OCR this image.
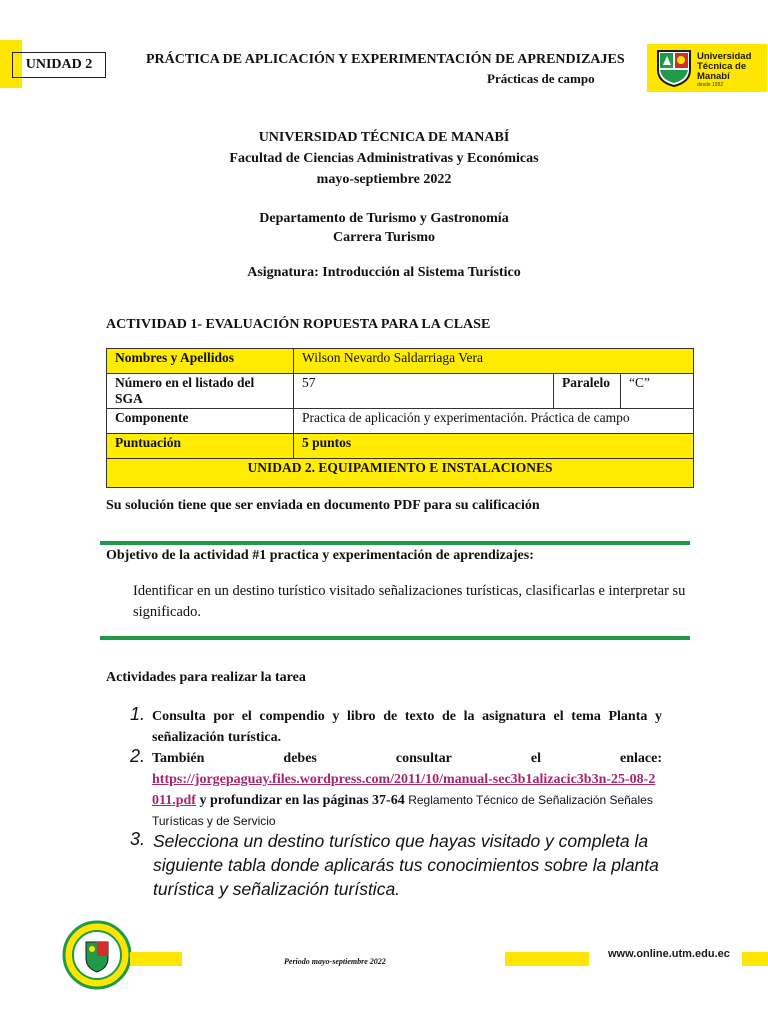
UNIDAD 2	PRÁCTICA DE APLICACIÓN Y EXPERIMENTACIÓN DE APRENDIZAJES
Prácticas de campo
Universidad
Técnica de
Manabí
desde 1952
UNIVERSIDAD TÉCNICA DE MANABÍ
Facultad de Ciencias Administrativas y Económicas
mayo-septiembre 2022
Departamento de Turismo y Gastronomía
Carrera Turismo
Asignatura: Introducción al Sistema Turístico
ACTIVIDAD 1- EVALUACIÓN ROPUESTA PARA LA CLASE
Nombres y Apellidos	Wilson Nevardo Saldarriaga Vera		
Número en el listado del SGA	57	Paralelo	“C”
Componente	Practica de aplicación y experimentación. Práctica de campo		
Puntuación	5 puntos		
UNIDAD 2. EQUIPAMIENTO E INSTALACIONES			
Su solución tiene que ser enviada en documento PDF para su calificación
Objetivo de la actividad #1 practica y experimentación de aprendizajes:
Identificar en un destino turístico visitado señalizaciones turísticas, clasificarlas e interpretar su significado.
Actividades para realizar la tarea
1. Consulta por el compendio y libro de texto de la asignatura el tema Planta y señalización turística.
2. También	debes	consultar	el	enlace:
https://jorgepaguay.files.wordpress.com/2011/10/manual-sec3b1alizacic3b3n-25-08-2011.pdf y profundizar en las páginas 37-64 Reglamento Técnico de Señalización Señales Turísticas y de Servicio
3. Selecciona un destino turístico que hayas visitado y completa la siguiente tabla donde aplicarás tus conocimientos sobre la planta turística y señalización turística.
Periodo mayo-septiembre 2022
www.online.utm.edu.ec
